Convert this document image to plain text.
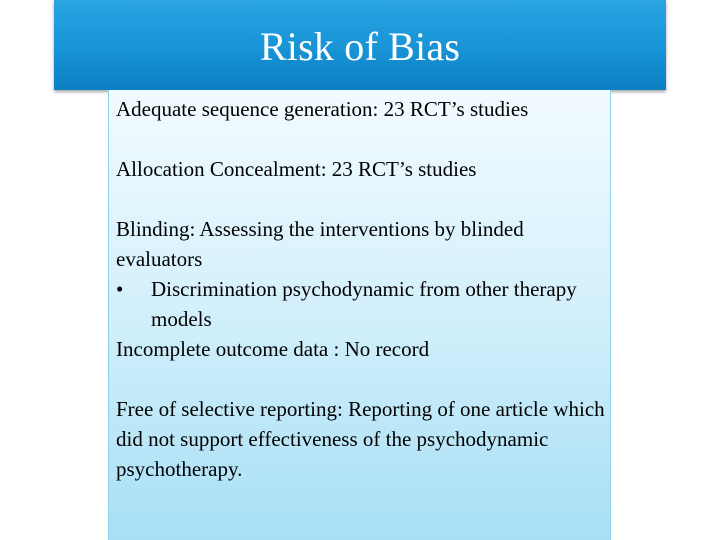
Risk of Bias

Adequate sequence generation: 23 RCT’s studies

Allocation Concealment: 23 RCT’s studies

Blinding: Assessing the interventions by blinded evaluators

•	Discrimination psychodynamic from other therapy models

Incomplete outcome data : No record

Free of selective reporting: Reporting of one article which did not support effectiveness of the psychodynamic psychotherapy.
